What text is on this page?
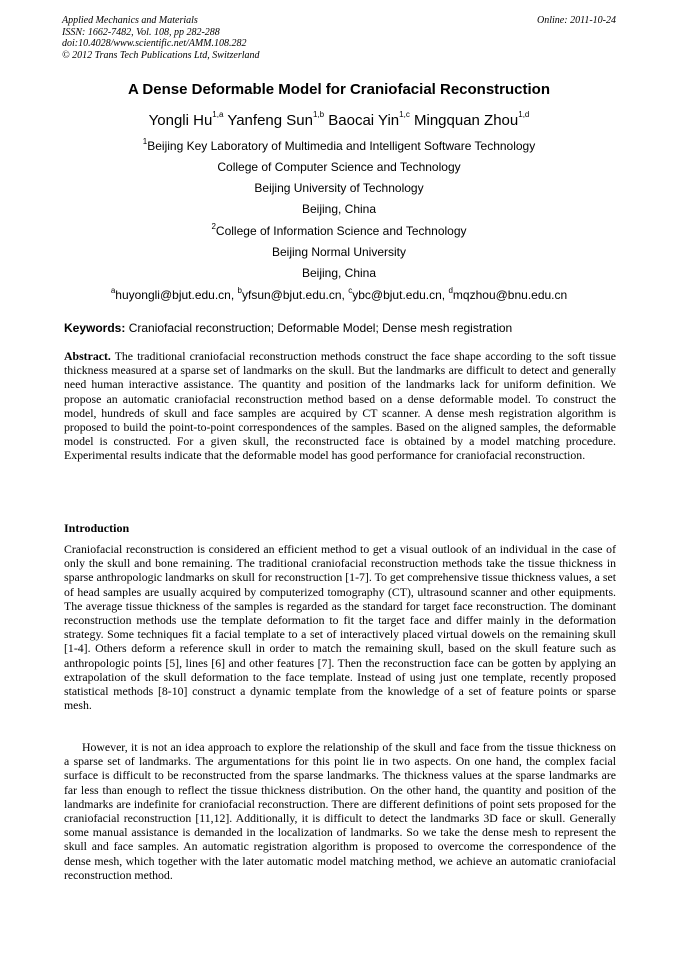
Applied Mechanics and Materials
ISSN: 1662-7482, Vol. 108, pp 282-288
doi:10.4028/www.scientific.net/AMM.108.282
© 2012 Trans Tech Publications Ltd, Switzerland
Online: 2011-10-24
A Dense Deformable Model for Craniofacial Reconstruction
Yongli Hu$^{1,a}$ Yanfeng Sun$^{1,b}$ Baocai Yin$^{1,c}$ Mingquan Zhou$^{1,d}$
$^1$Beijing Key Laboratory of Multimedia and Intelligent Software Technology
College of Computer Science and Technology
Beijing University of Technology
Beijing, China
$^2$College of Information Science and Technology
Beijing Normal University
Beijing, China
$^a$huyongli@bjut.edu.cn, $^b$yfsun@bjut.edu.cn, $^c$ybc@bjut.edu.cn, $^d$mqzhou@bnu.edu.cn
Keywords: Craniofacial reconstruction; Deformable Model; Dense mesh registration
Abstract. The traditional craniofacial reconstruction methods construct the face shape according to the soft tissue thickness measured at a sparse set of landmarks on the skull. But the landmarks are difficult to detect and generally need human interactive assistance. The quantity and position of the landmarks lack for uniform definition. We propose an automatic craniofacial reconstruction method based on a dense deformable model. To construct the model, hundreds of skull and face samples are acquired by CT scanner. A dense mesh registration algorithm is proposed to build the point-to-point correspondences of the samples. Based on the aligned samples, the deformable model is constructed. For a given skull, the reconstructed face is obtained by a model matching procedure. Experimental results indicate that the deformable model has good performance for craniofacial reconstruction.
Introduction
Craniofacial reconstruction is considered an efficient method to get a visual outlook of an individual in the case of only the skull and bone remaining. The traditional craniofacial reconstruction methods take the tissue thickness in sparse anthropologic landmarks on skull for reconstruction [1-7]. To get comprehensive tissue thickness values, a set of head samples are usually acquired by computerized tomography (CT), ultrasound scanner and other equipments. The average tissue thickness of the samples is regarded as the standard for target face reconstruction. The dominant reconstruction methods use the template deformation to fit the target face and differ mainly in the deformation strategy. Some techniques fit a facial template to a set of interactively placed virtual dowels on the remaining skull [1-4]. Others deform a reference skull in order to match the remaining skull, based on the skull feature such as anthropologic points [5], lines [6] and other features [7]. Then the reconstruction face can be gotten by applying an extrapolation of the skull deformation to the face template. Instead of using just one template, recently proposed statistical methods [8-10] construct a dynamic template from the knowledge of a set of feature points or sparse mesh.
However, it is not an idea approach to explore the relationship of the skull and face from the tissue thickness on a sparse set of landmarks. The argumentations for this point lie in two aspects. On one hand, the complex facial surface is difficult to be reconstructed from the sparse landmarks. The thickness values at the sparse landmarks are far less than enough to reflect the tissue thickness distribution. On the other hand, the quantity and position of the landmarks are indefinite for craniofacial reconstruction. There are different definitions of point sets proposed for the craniofacial reconstruction [11,12]. Additionally, it is difficult to detect the landmarks 3D face or skull. Generally some manual assistance is demanded in the localization of landmarks. So we take the dense mesh to represent the skull and face samples. An automatic registration algorithm is proposed to overcome the correspondence of the dense mesh, which together with the later automatic model matching method, we achieve an automatic craniofacial reconstruction method.
